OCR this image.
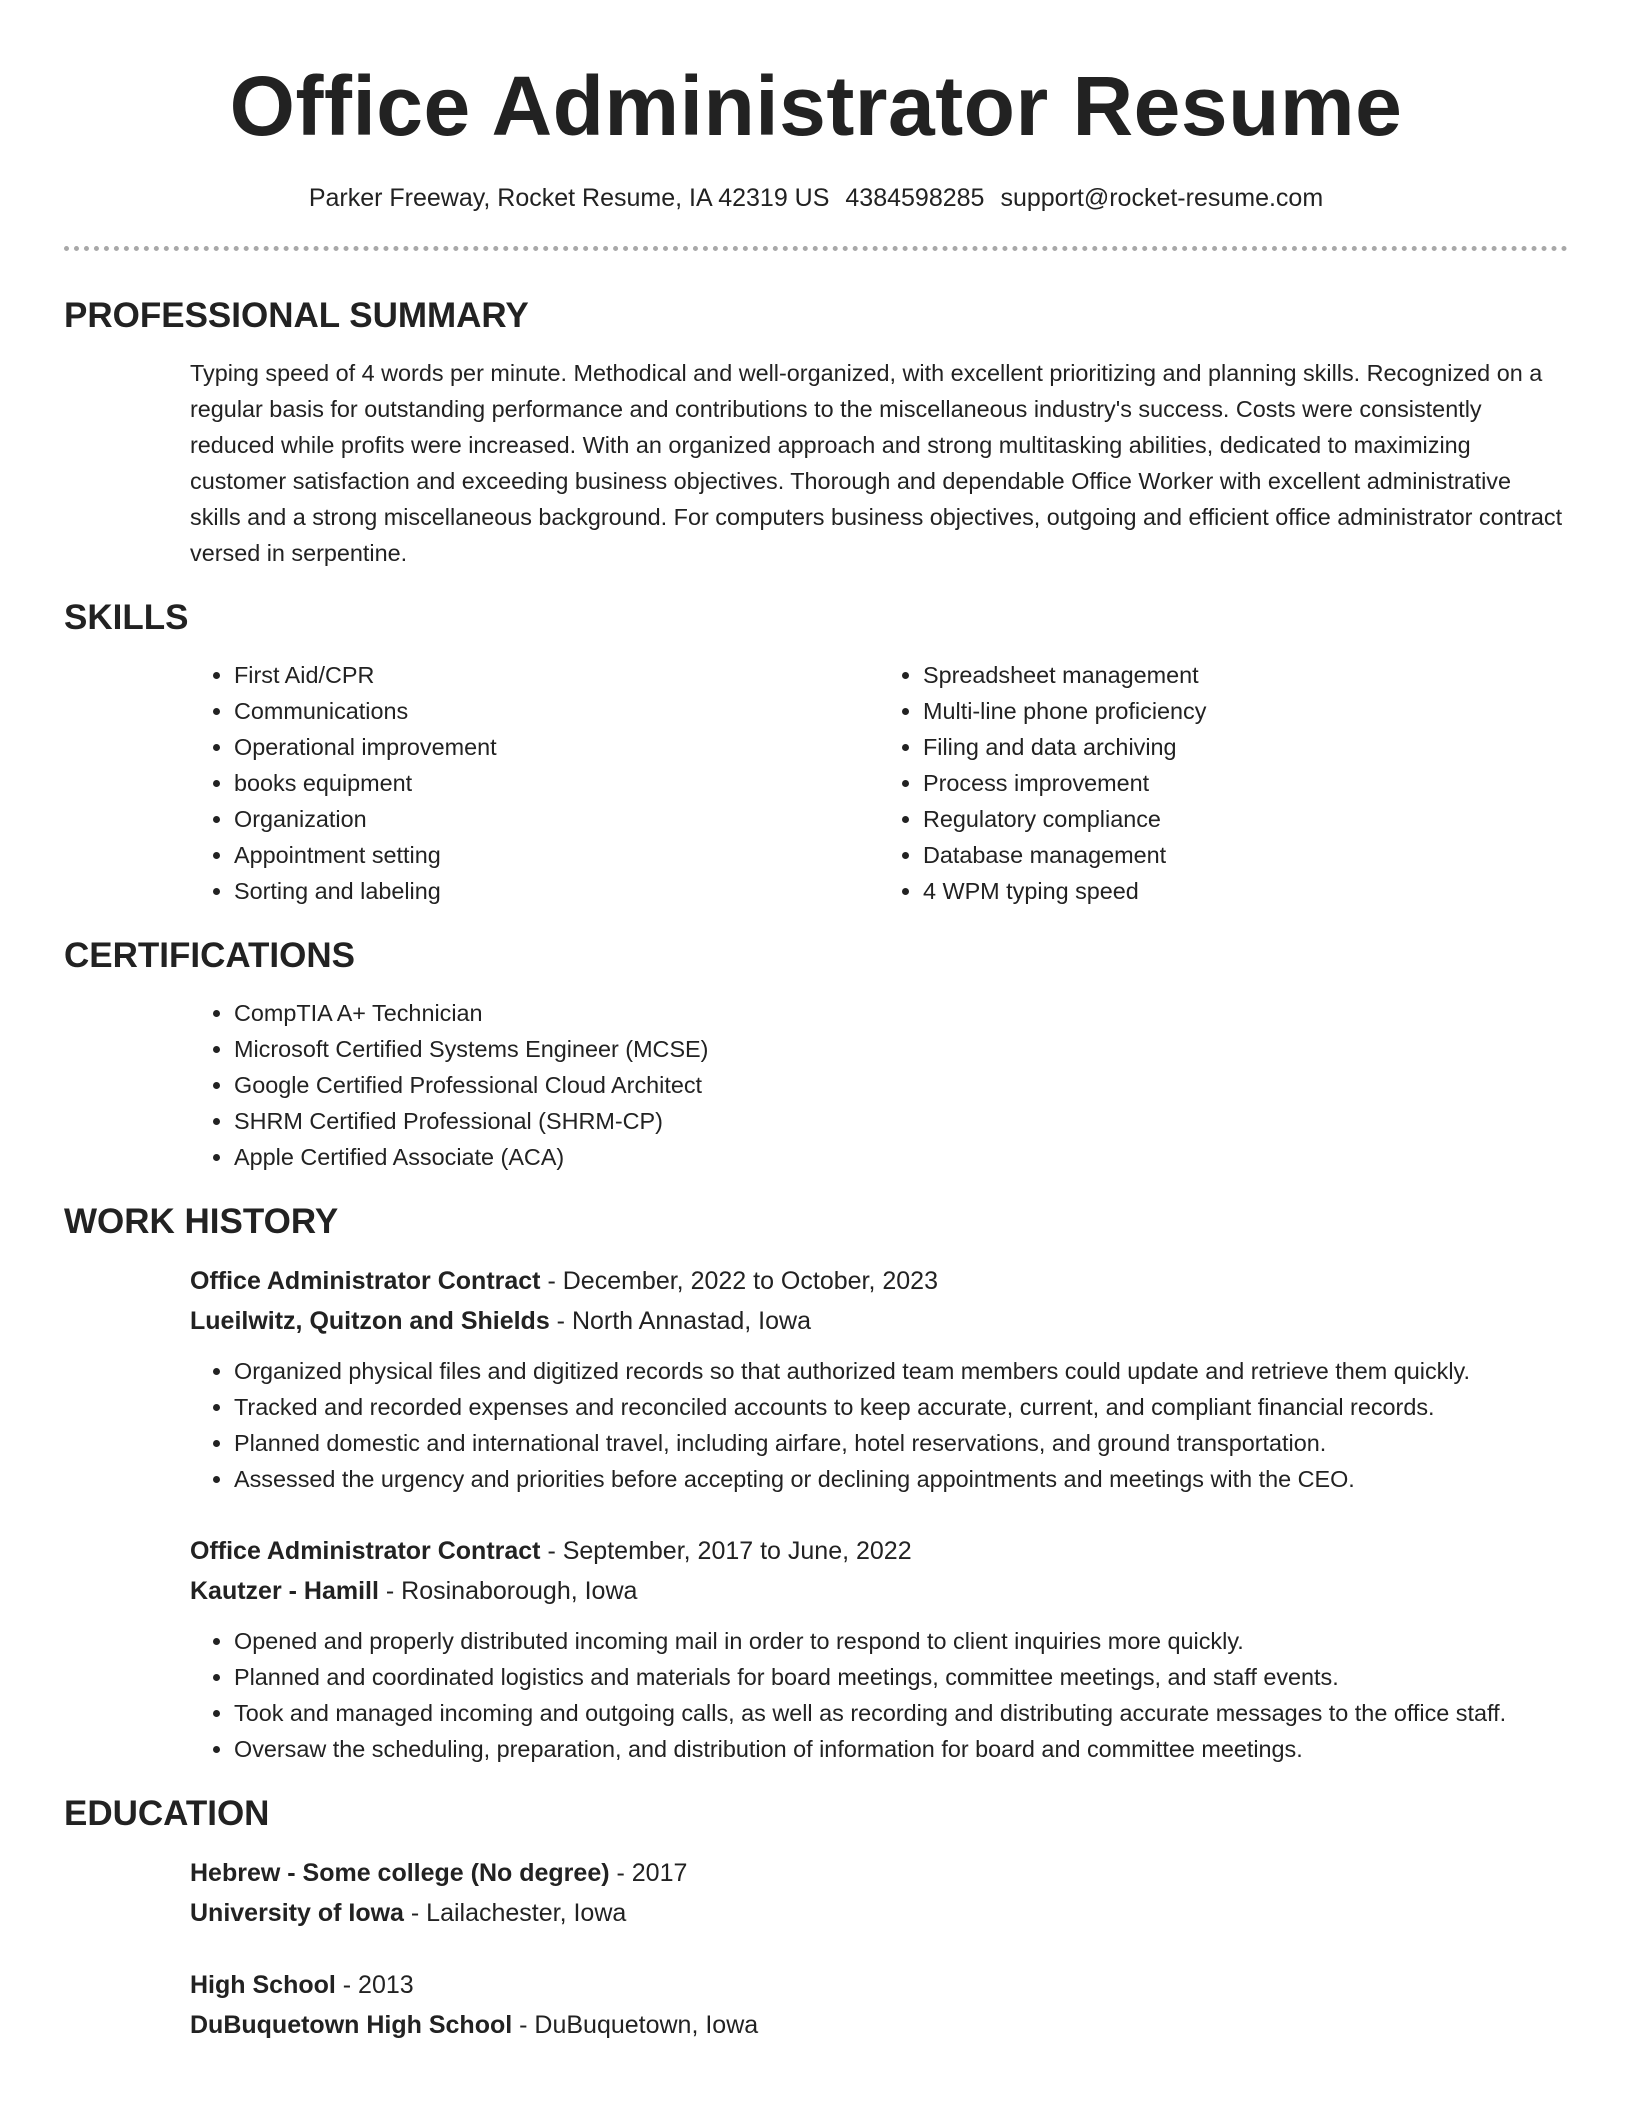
Office Administrator Resume
Parker Freeway, Rocket Resume, IA 42319 US 4384598285 support@rocket-resume.com
PROFESSIONAL SUMMARY

Typing speed of 4 words per minute. Methodical and well-organized, with excellent prioritizing and planning skills. Recognized on a regular basis for outstanding performance and contributions to the miscellaneous industry's success. Costs were consistently reduced while profits were increased. With an organized approach and strong multitasking abilities, dedicated to maximizing customer satisfaction and exceeding business objectives. Thorough and dependable Office Worker with excellent administrative skills and a strong miscellaneous background. For computers business objectives, outgoing and efficient office administrator contract versed in serpentine.

SKILLS
• First Aid/CPR
• Communications
• Operational improvement
• books equipment
• Organization
• Appointment setting
• Sorting and labeling
• Spreadsheet management
• Multi-line phone proficiency
• Filing and data archiving
• Process improvement
• Regulatory compliance
• Database management
• 4 WPM typing speed
CERTIFICATIONS
• CompTIA A+ Technician
• Microsoft Certified Systems Engineer (MCSE)
• Google Certified Professional Cloud Architect
• SHRM Certified Professional (SHRM-CP)
• Apple Certified Associate (ACA)
WORK HISTORY
Office Administrator Contract - December, 2022 to October, 2023
Lueilwitz, Quitzon and Shields - North Annastad, Iowa
• Organized physical files and digitized records so that authorized team members could update and retrieve them quickly.
• Tracked and recorded expenses and reconciled accounts to keep accurate, current, and compliant financial records.
• Planned domestic and international travel, including airfare, hotel reservations, and ground transportation.
• Assessed the urgency and priorities before accepting or declining appointments and meetings with the CEO.
Office Administrator Contract - September, 2017 to June, 2022
Kautzer - Hamill - Rosinaborough, Iowa
• Opened and properly distributed incoming mail in order to respond to client inquiries more quickly.
• Planned and coordinated logistics and materials for board meetings, committee meetings, and staff events.
• Took and managed incoming and outgoing calls, as well as recording and distributing accurate messages to the office staff.
• Oversaw the scheduling, preparation, and distribution of information for board and committee meetings.
EDUCATION
Hebrew - Some college (No degree) - 2017
University of Iowa - Lailachester, Iowa
High School - 2013
DuBuquetown High School - DuBuquetown, Iowa
